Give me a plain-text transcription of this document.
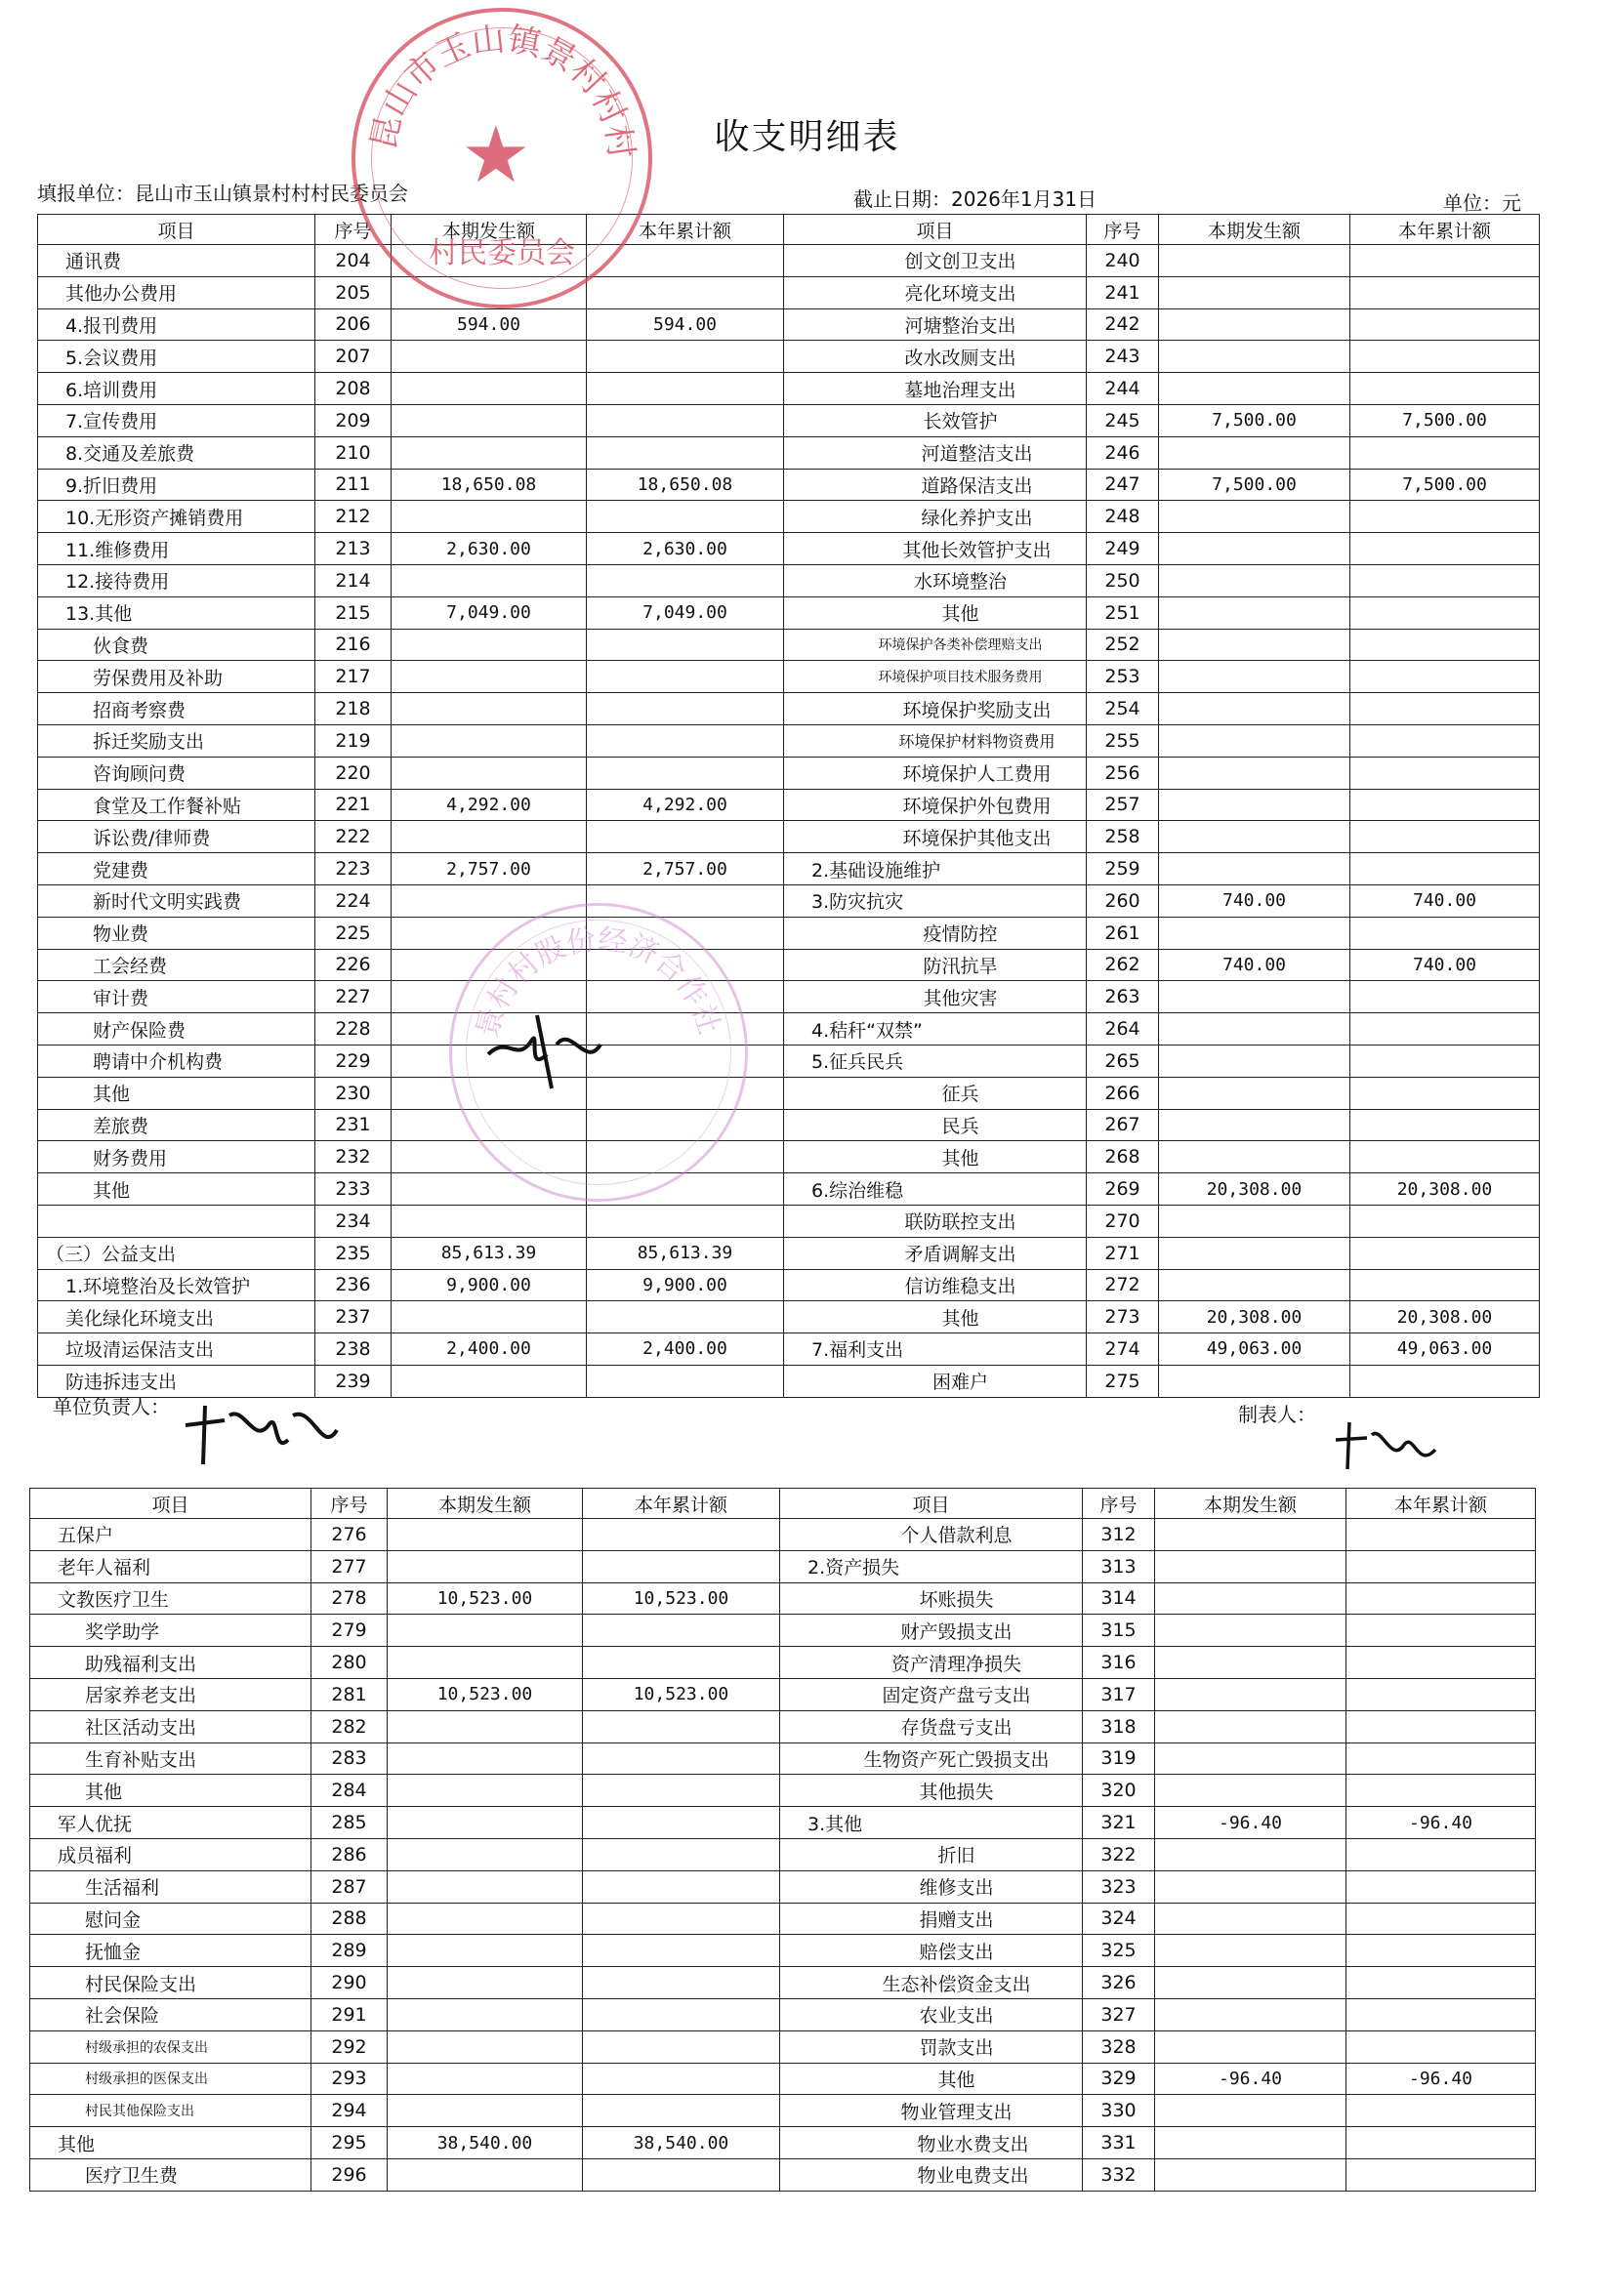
收支明细表
填报单位：昆山市玉山镇景村村村民委员会	截止日期：2026年1月31日	单位：元
项目	序号	本期发生额	本年累计额	项目	序号	本期发生额	本年累计额
通讯费	204			创文创卫支出	240		
其他办公费用	205			亮化环境支出	241		
4.报刊费用	206	594.00	594.00	河塘整治支出	242		
5.会议费用	207			改水改厕支出	243		
6.培训费用	208			墓地治理支出	244		
7.宣传费用	209			长效管护	245	7,500.00	7,500.00
8.交通及差旅费	210			河道整洁支出	246		
9.折旧费用	211	18,650.08	18,650.08	道路保洁支出	247	7,500.00	7,500.00
10.无形资产摊销费用	212			绿化养护支出	248		
11.维修费用	213	2,630.00	2,630.00	其他长效管护支出	249		
12.接待费用	214			水环境整治	250		
13.其他	215	7,049.00	7,049.00	其他	251		
伙食费	216			环境保护各类补偿理赔支出	252		
劳保费用及补助	217			环境保护项目技术服务费用	253		
招商考察费	218			环境保护奖励支出	254		
拆迁奖励支出	219			环境保护材料物资费用	255		
咨询顾问费	220			环境保护人工费用	256		
食堂及工作餐补贴	221	4,292.00	4,292.00	环境保护外包费用	257		
诉讼费/律师费	222			环境保护其他支出	258		
党建费	223	2,757.00	2,757.00	2.基础设施维护	259		
新时代文明实践费	224			3.防灾抗灾	260	740.00	740.00
物业费	225			疫情防控	261		
工会经费	226			防汛抗旱	262	740.00	740.00
审计费	227			其他灾害	263		
财产保险费	228			4.秸秆“双禁”	264		
聘请中介机构费	229			5.征兵民兵	265		
其他	230			征兵	266		
差旅费	231			民兵	267		
财务费用	232			其他	268		
其他	233			6.综治维稳	269	20,308.00	20,308.00
	234			联防联控支出	270		
（三）公益支出	235	85,613.39	85,613.39	矛盾调解支出	271		
1.环境整治及长效管护	236	9,900.00	9,900.00	信访维稳支出	272		
美化绿化环境支出	237			其他	273	20,308.00	20,308.00
垃圾清运保洁支出	238	2,400.00	2,400.00	7.福利支出	274	49,063.00	49,063.00
防违拆违支出	239			困难户	275		
单位负责人：	制表人：
项目	序号	本期发生额	本年累计额	项目	序号	本期发生额	本年累计额
五保户	276			个人借款利息	312		
老年人福利	277			2.资产损失	313		
文教医疗卫生	278	10,523.00	10,523.00	坏账损失	314		
奖学助学	279			财产毁损支出	315		
助残福利支出	280			资产清理净损失	316		
居家养老支出	281	10,523.00	10,523.00	固定资产盘亏支出	317		
社区活动支出	282			存货盘亏支出	318		
生育补贴支出	283			生物资产死亡毁损支出	319		
其他	284			其他损失	320		
军人优抚	285			3.其他	321	-96.40	-96.40
成员福利	286			折旧	322		
生活福利	287			维修支出	323		
慰问金	288			捐赠支出	324		
抚恤金	289			赔偿支出	325		
村民保险支出	290			生态补偿资金支出	326		
社会保险	291			农业支出	327		
村级承担的农保支出	292			罚款支出	328		
村级承担的医保支出	293			其他	329	-96.40	-96.40
村民其他保险支出	294			物业管理支出	330		
其他	295	38,540.00	38,540.00	物业水费支出	331		
医疗卫生费	296			物业电费支出	332		
★
昆山市玉山镇景村村村
村民委员会
景村村股份经济合作社
